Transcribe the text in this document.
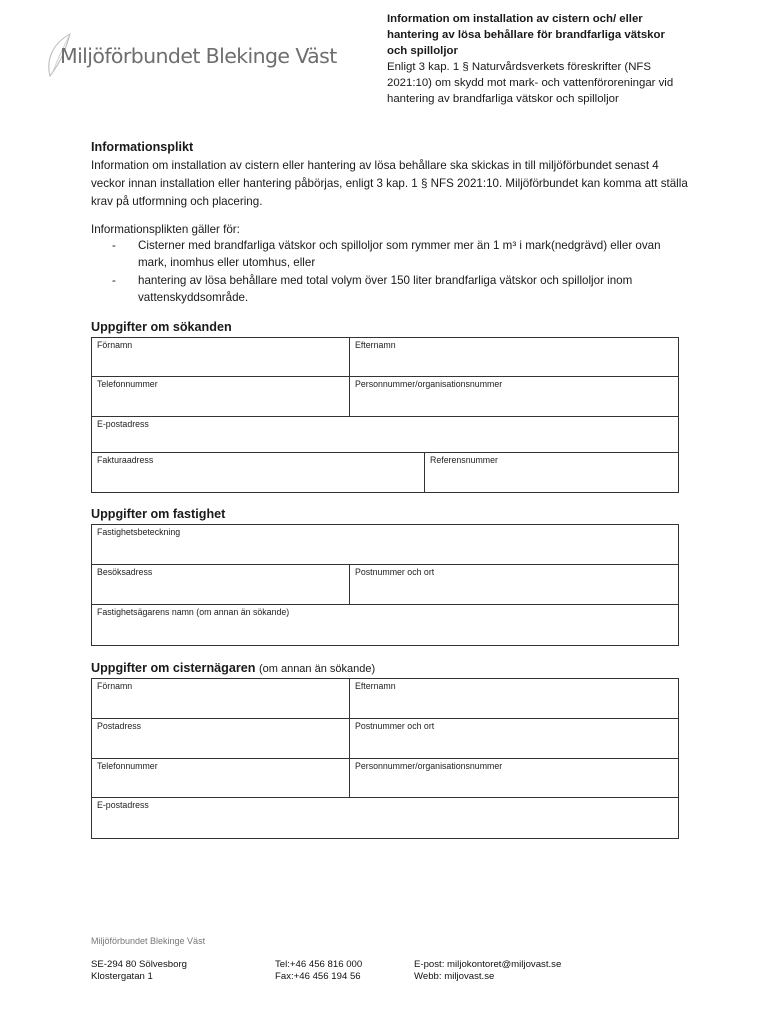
Miljöförbundet Blekinge Väst
Information om installation av cistern och/ eller hantering av lösa behållare för brandfarliga vätskor och spilloljor
Enligt 3 kap. 1 § Naturvårdsverkets föreskrifter (NFS 2021:10) om skydd mot mark- och vattenföroreningar vid hantering av brandfarliga vätskor och spilloljor
Informationsplikt
Information om installation av cistern eller hantering av lösa behållare ska skickas in till miljöförbundet senast 4 veckor innan installation eller hantering påbörjas, enligt 3 kap. 1 § NFS 2021:10. Miljöförbundet kan komma att ställa krav på utformning och placering.
Informationsplikten gäller för:
- Cisterner med brandfarliga vätskor och spilloljor som rymmer mer än 1 m³ i mark(nedgrävd) eller ovan mark, inomhus eller utomhus, eller
- hantering av lösa behållare med total volym över 150 liter brandfarliga vätskor och spilloljor inom vattenskyddsområde.
Uppgifter om sökanden
Förnamn	Efternamn
Telefonnummer	Personnummer/organisationsnummer
E-postadress
Fakturaadress	Referensnummer
Uppgifter om fastighet
Fastighetsbeteckning
Besöksadress	Postnummer och ort
Fastighetsägarens namn (om annan än sökande)
Uppgifter om cisternägaren (om annan än sökande)
Förnamn	Efternamn
Postadress	Postnummer och ort
Telefonnummer	Personnummer/organisationsnummer
E-postadress
Miljöförbundet Blekinge Väst
SE-294 80 Sölvesborg
Klostergatan 1
Tel:+46 456 816 000
Fax:+46 456 194 56
E-post: miljokontoret@miljovast.se
Webb: miljovast.se
